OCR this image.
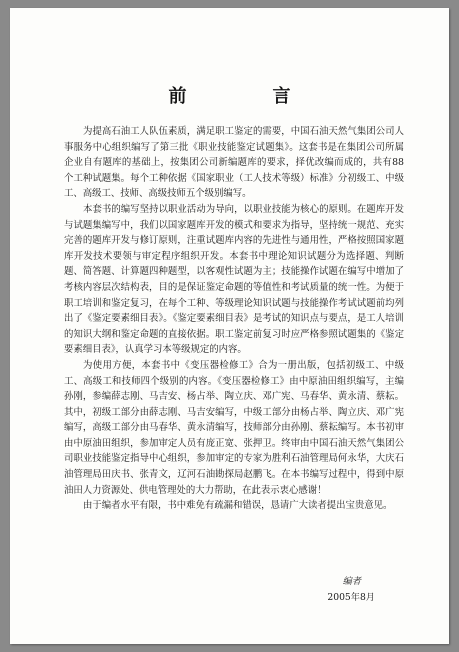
前　言

为提高石油工人队伍素质，满足职工鉴定的需要，中国石油天然气集团公司人事服务中心组织编写了第三批《职业技能鉴定试题集》。这套书是在集团公司所属企业自有题库的基础上，按集团公司新编题库的要求，择优改编而成的，共有88个工种试题集。每个工种依据《国家职业（工人技术等级）标准》分初级工、中级工、高级工、技师、高级技师五个级别编写。

本套书的编写坚持以职业活动为导向，以职业技能为核心的原则。在题库开发与试题集编写中，我们以国家题库开发的模式和要求为指导，坚持统一规范、充实完善的题库开发与修订原则，注重试题库内容的先进性与通用性，严格按照国家题库开发技术要领与审定程序组织开发。本套书中理论知识试题分为选择题、判断题、简答题、计算题四种题型，以客观性试题为主；技能操作试题在编写中增加了考核内容层次结构表，目的是保证鉴定命题的等值性和考试质量的统一性。为便于职工培训和鉴定复习，在每个工种、等级理论知识试题与技能操作考试试题前均列出了《鉴定要素细目表》。《鉴定要素细目表》是考试的知识点与要点，是工人培训的知识大纲和鉴定命题的直接依据。职工鉴定前复习时应严格参照试题集的《鉴定要素细目表》，认真学习本等级规定的内容。

为使用方便，本套书中《变压器检修工》合为一册出版，包括初级工、中级工、高级工和技师四个级别的内容。《变压器检修工》由中原油田组织编写，主编孙刚，参编薛志刚、马吉安、杨占举、陶立庆、邓广宪、马春华、黄永清、蔡耘。其中，初级工部分由薛志刚、马吉安编写，中级工部分由杨占举、陶立庆、邓广宪编写，高级工部分由马春华、黄永清编写，技师部分由孙刚、蔡耘编写。本书初审由中原油田组织，参加审定人员有庞正宽、张押卫。终审由中国石油天然气集团公司职业技能鉴定指导中心组织，参加审定的专家为胜利石油管理局何永华，大庆石油管理局田庆书、张青文，辽河石油勘探局赵鹏飞。在本书编写过程中，得到中原油田人力资源处、供电管理处的大力帮助，在此表示衷心感谢！

由于编者水平有限，书中难免有疏漏和错误，恳请广大读者提出宝贵意见。

编者
2005年8月
